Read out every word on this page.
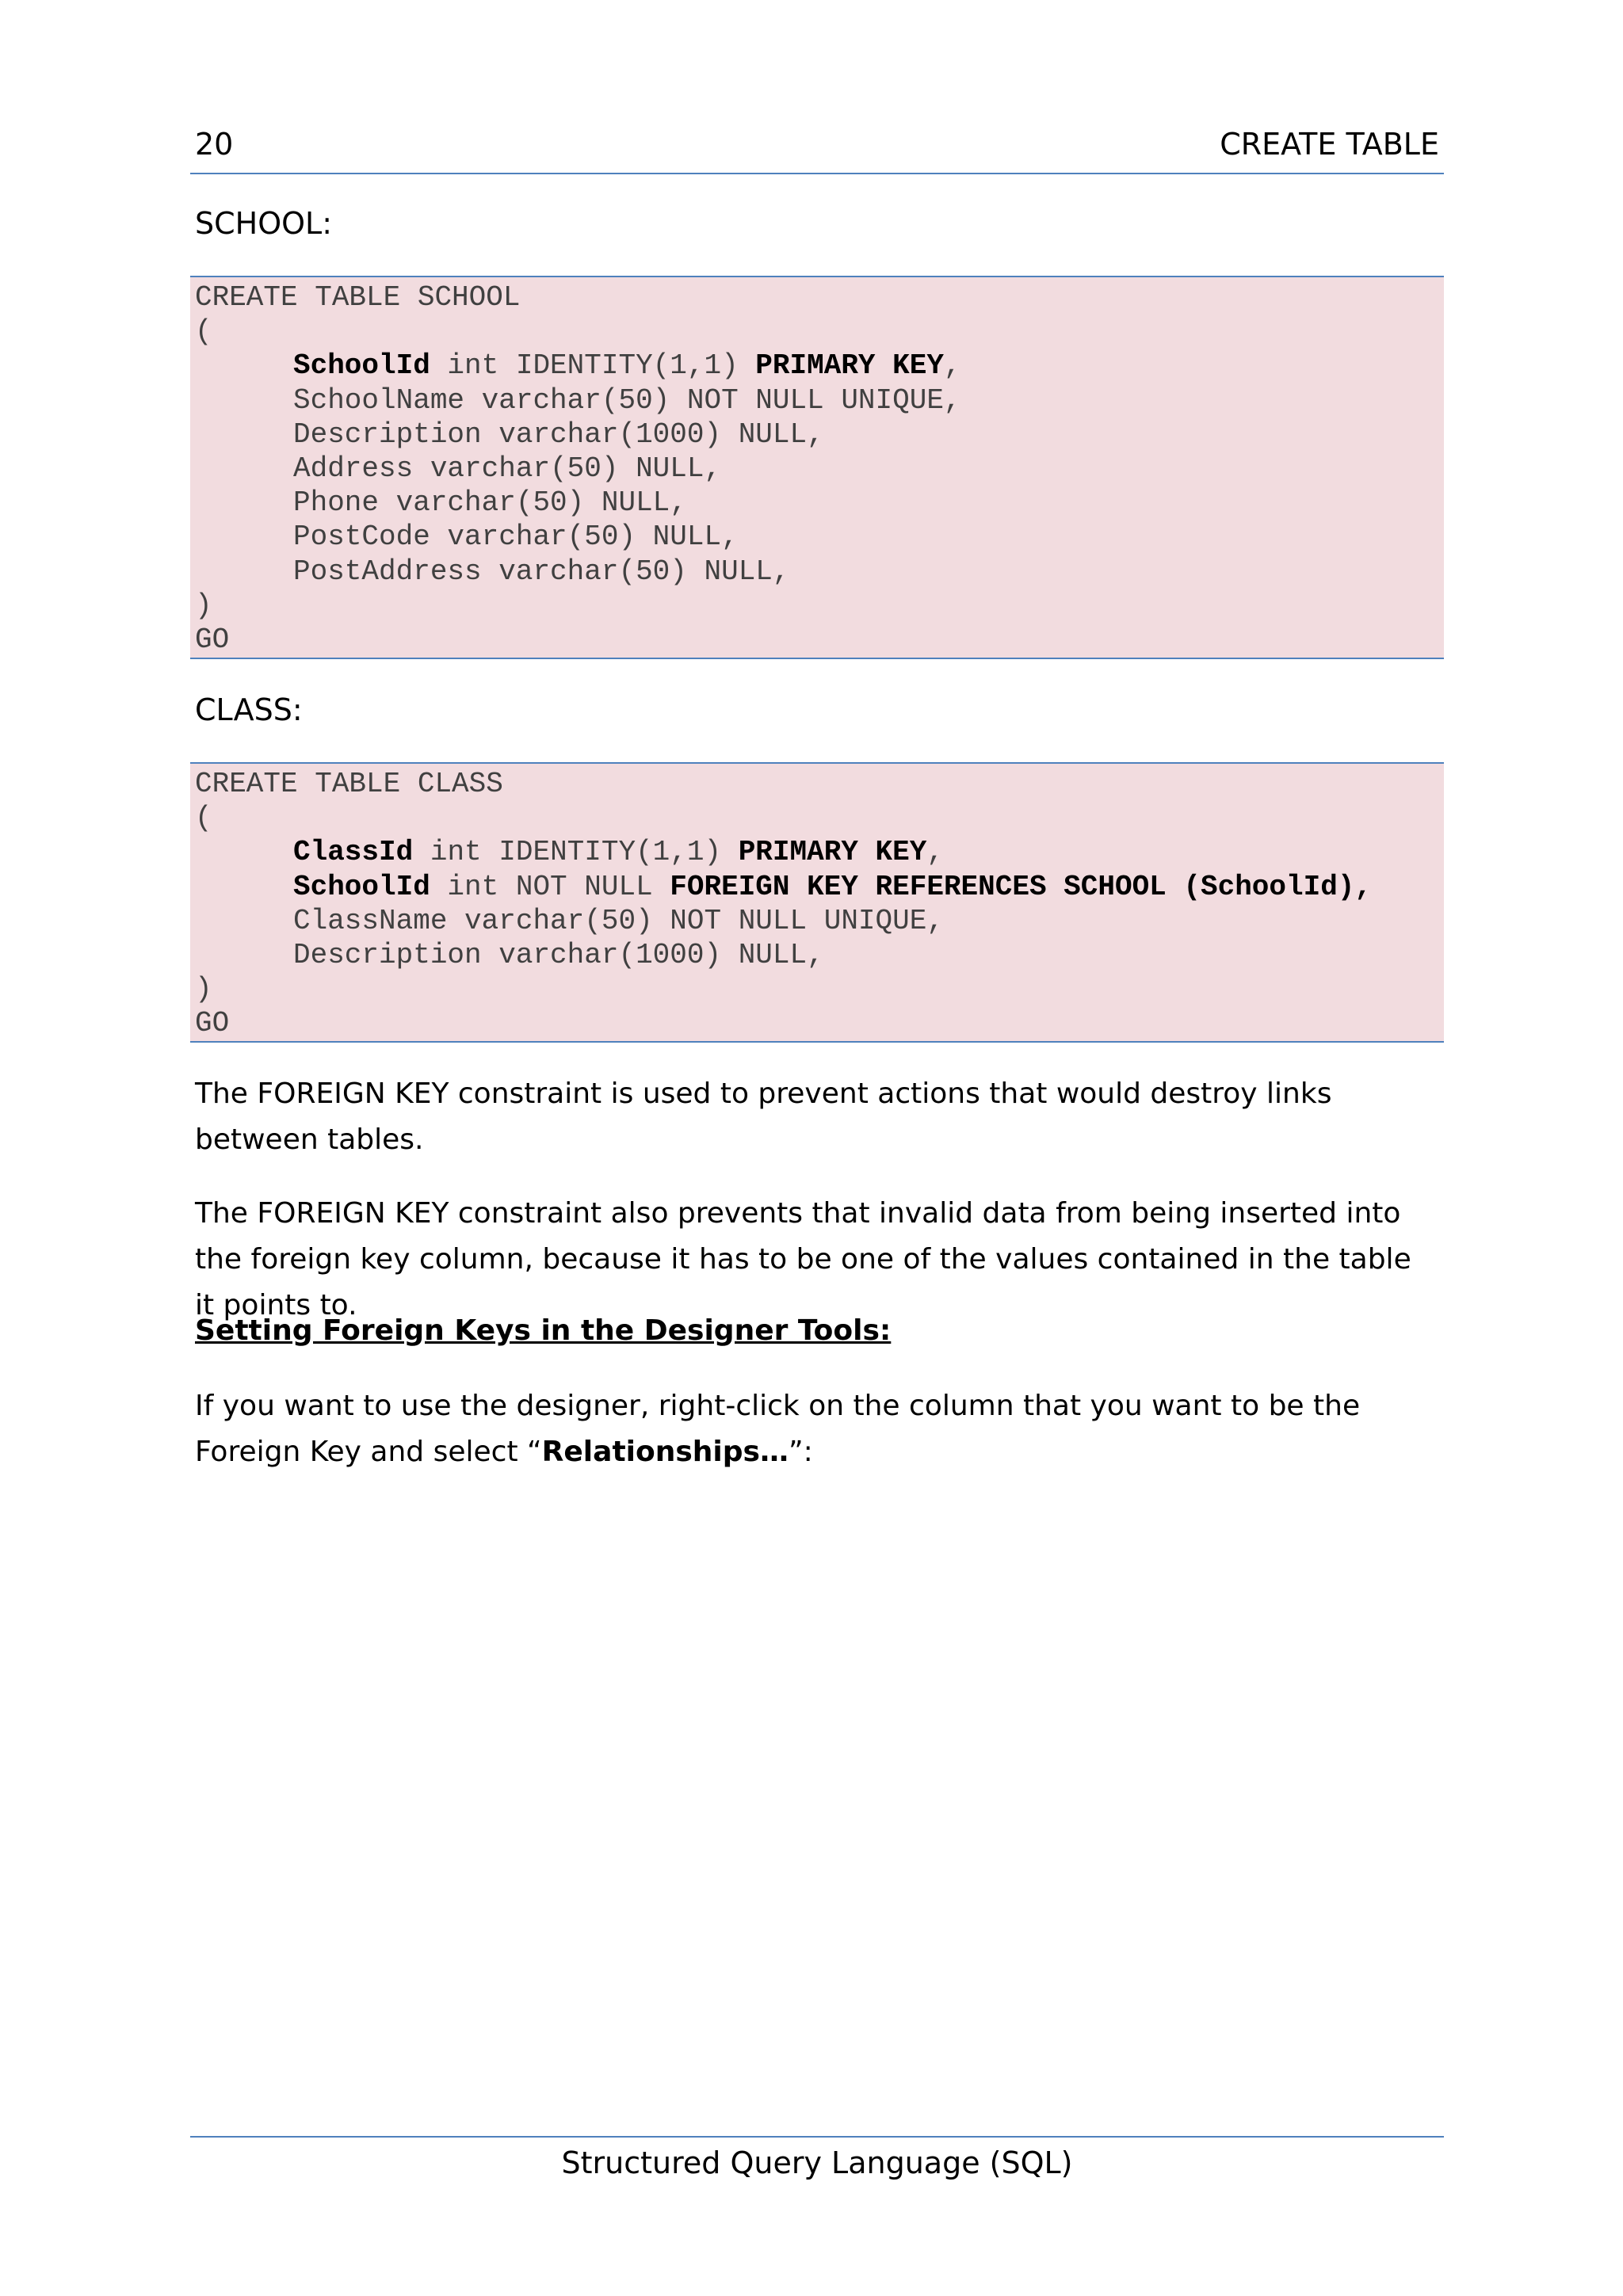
20	CREATE TABLE
SCHOOL:
CREATE TABLE SCHOOL
(
SchoolId int IDENTITY(1,1) PRIMARY KEY,
SchoolName varchar(50) NOT NULL UNIQUE,
Description varchar(1000) NULL,
Address varchar(50) NULL,
Phone varchar(50) NULL,
PostCode varchar(50) NULL,
PostAddress varchar(50) NULL,
)
GO
CLASS:
CREATE TABLE CLASS
(
ClassId int IDENTITY(1,1) PRIMARY KEY,
SchoolId int NOT NULL FOREIGN KEY REFERENCES SCHOOL (SchoolId),
ClassName varchar(50) NOT NULL UNIQUE,
Description varchar(1000) NULL,
)
GO
The FOREIGN KEY constraint is used to prevent actions that would destroy links between tables.
The FOREIGN KEY constraint also prevents that invalid data from being inserted into the foreign key column, because it has to be one of the values contained in the table it points to.
Setting Foreign Keys in the Designer Tools:
If you want to use the designer, right-click on the column that you want to be the Foreign Key and select “Relationships…”:
Structured Query Language (SQL)
